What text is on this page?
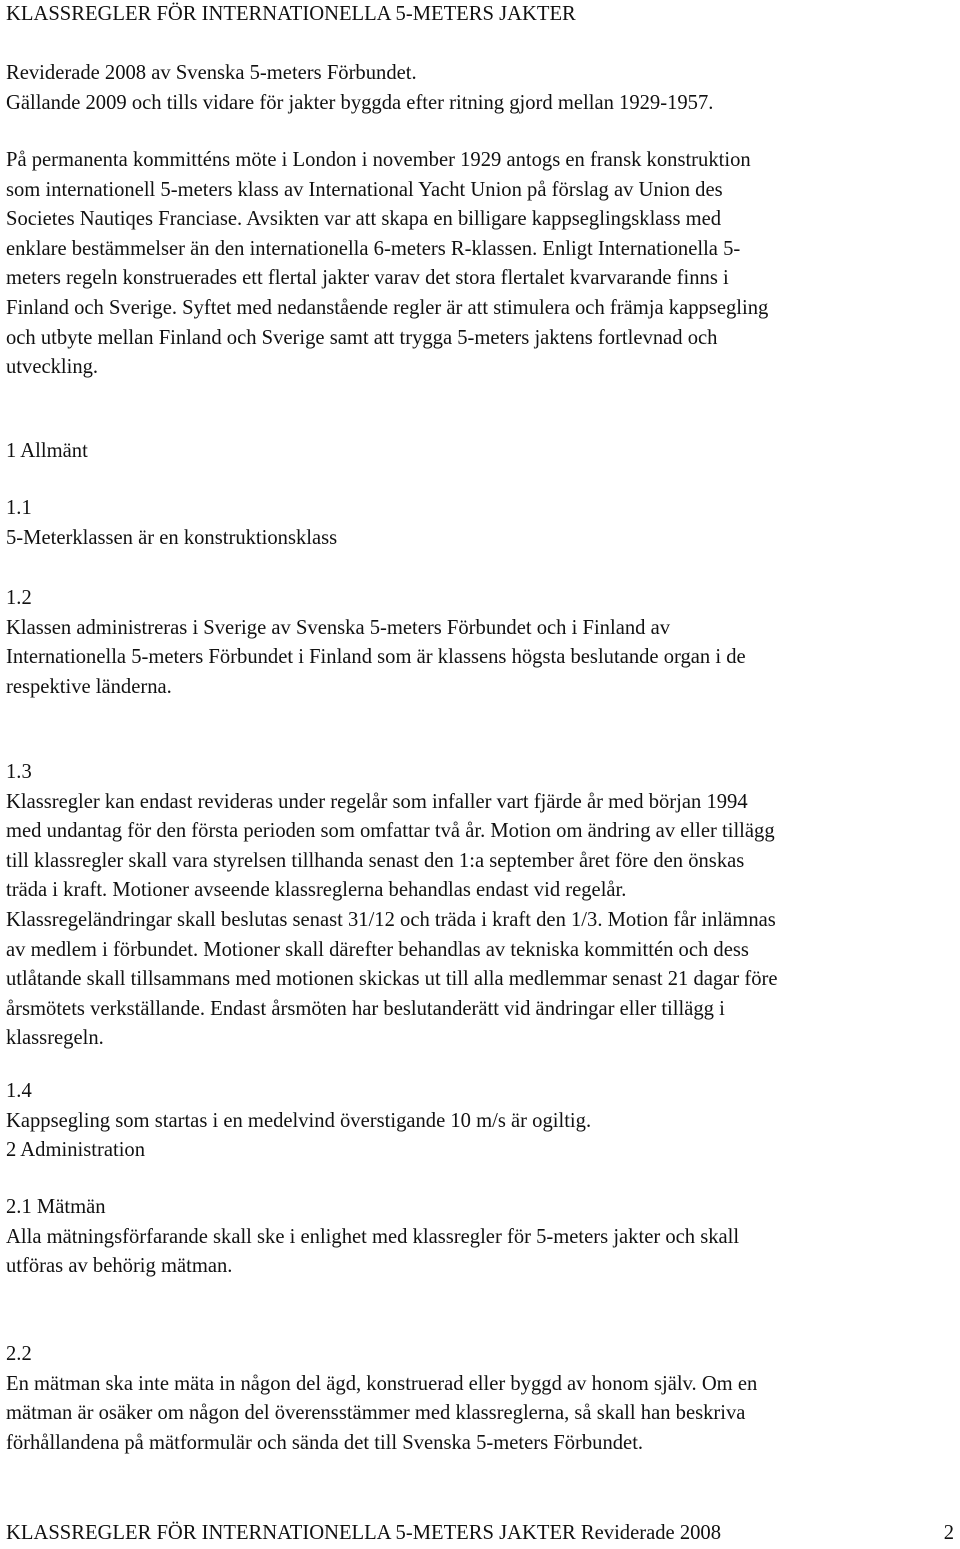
KLASSREGLER FÖR INTERNATIONELLA 5-METERS JAKTER
Reviderade 2008 av Svenska 5-meters Förbundet.
Gällande 2009 och tills vidare för jakter byggda efter ritning gjord mellan 1929-1957.
På permanenta kommitténs möte i London i november 1929 antogs en fransk konstruktion
som internationell 5-meters klass av International Yacht Union på förslag av Union des
Societes Nautiqes Franciase. Avsikten var att skapa en billigare kappseglingsklass med
enklare bestämmelser än den internationella 6-meters R-klassen. Enligt Internationella 5-
meters regeln konstruerades ett flertal jakter varav det stora flertalet kvarvarande finns i
Finland och Sverige. Syftet med nedanstående regler är att stimulera och främja kappsegling
och utbyte mellan Finland och Sverige samt att trygga 5-meters jaktens fortlevnad och
utveckling.
1 Allmänt
1.1
5-Meterklassen är en konstruktionsklass
1.2
Klassen administreras i Sverige av Svenska 5-meters Förbundet och i Finland av
Internationella 5-meters Förbundet i Finland som är klassens högsta beslutande organ i de
respektive länderna.
1.3
Klassregler kan endast revideras under regelår som infaller vart fjärde år med början 1994
med undantag för den första perioden som omfattar två år. Motion om ändring av eller tillägg
till klassregler skall vara styrelsen tillhanda senast den 1:a september året före den önskas
träda i kraft. Motioner avseende klassreglerna behandlas endast vid regelår.
Klassregeländringar skall beslutas senast 31/12 och träda i kraft den 1/3. Motion får inlämnas
av medlem i förbundet. Motioner skall därefter behandlas av tekniska kommittén och dess
utlåtande skall tillsammans med motionen skickas ut till alla medlemmar senast 21 dagar före
årsmötets verkställande. Endast årsmöten har beslutanderätt vid ändringar eller tillägg i
klassregeln.
1.4
Kappsegling som startas i en medelvind överstigande 10 m/s är ogiltig.
2 Administration
2.1 Mätmän
Alla mätningsförfarande skall ske i enlighet med klassregler för 5-meters jakter och skall
utföras av behörig mätman.
2.2
En mätman ska inte mäta in någon del ägd, konstruerad eller byggd av honom själv. Om en
mätman är osäker om någon del överensstämmer med klassreglerna, så skall han beskriva
förhållandena på mätformulär och sända det till Svenska 5-meters Förbundet.
KLASSREGLER FÖR INTERNATIONELLA 5-METERS JAKTER Reviderade 2008	2
